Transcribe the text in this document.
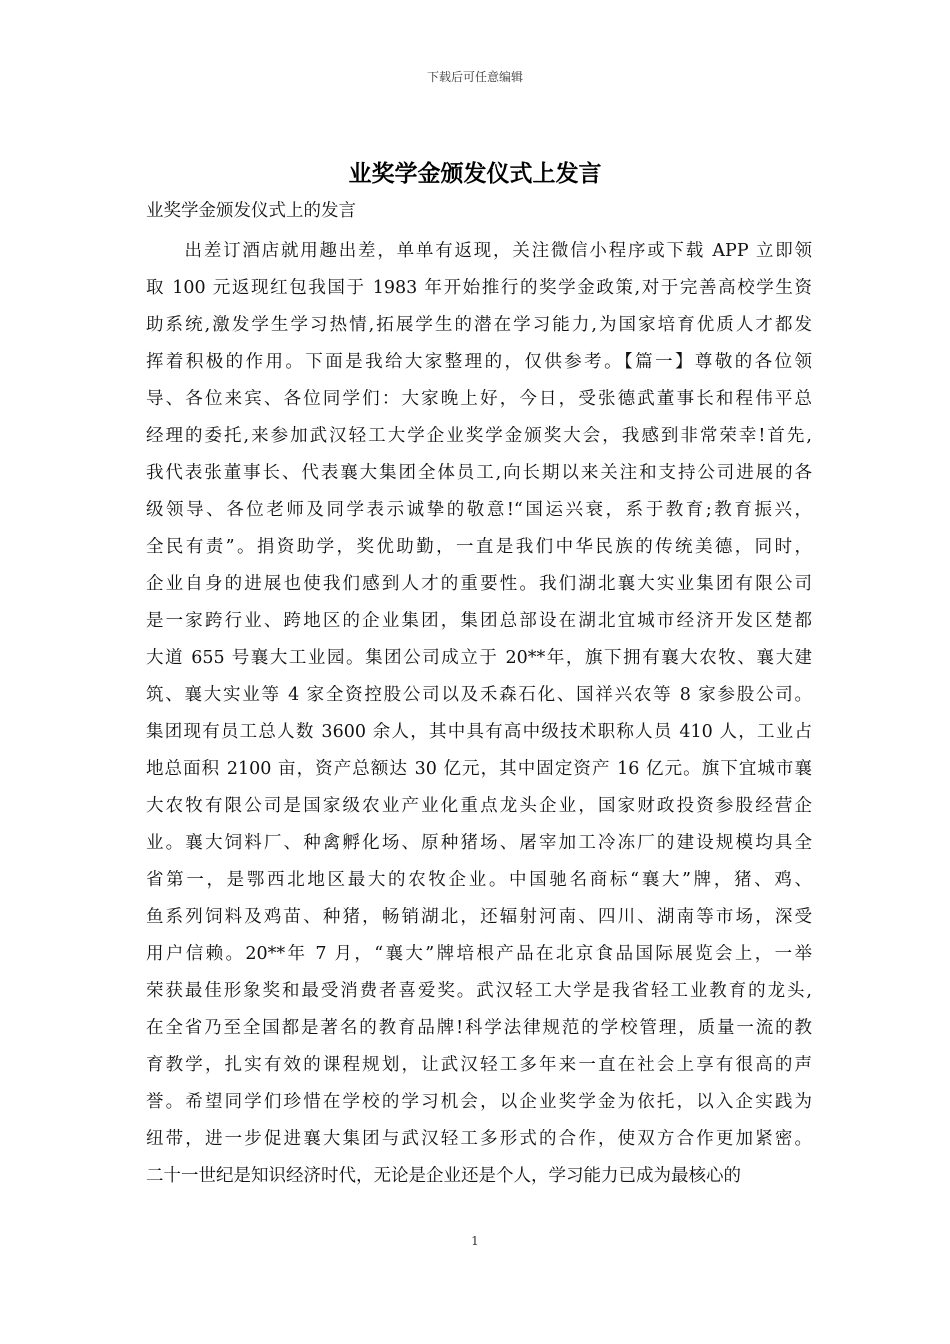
下载后可任意编辑
业奖学金颁发仪式上发言
业奖学金颁发仪式上的发言
　　出差订酒店就用趣出差，单单有返现，关注微信小程序或下载 APP 立即领
取 100 元返现红包我国于 1983 年开始推行的奖学金政策,对于完善高校学生资
助系统,激发学生学习热情,拓展学生的潜在学习能力,为国家培育优质人才都发
挥着积极的作用。下面是我给大家整理的，仅供参考。【篇一】尊敬的各位领
导、各位来宾、各位同学们：大家晚上好，今日，受张德武董事长和程伟平总
经理的委托,来参加武汉轻工大学企业奖学金颁奖大会，我感到非常荣幸!首先,
我代表张董事长、代表襄大集团全体员工,向长期以来关注和支持公司进展的各
级领导、各位老师及同学表示诚挚的敬意!“国运兴衰，系于教育;教育振兴，
全民有责”。捐资助学，奖优助勤，一直是我们中华民族的传统美德，同时，
企业自身的进展也使我们感到人才的重要性。我们湖北襄大实业集团有限公司
是一家跨行业、跨地区的企业集团，集团总部设在湖北宜城市经济开发区楚都
大道 655 号襄大工业园。集团公司成立于 20**年，旗下拥有襄大农牧、襄大建
筑、襄大实业等 4 家全资控股公司以及禾森石化、国祥兴农等 8 家参股公司。
集团现有员工总人数 3600 余人，其中具有高中级技术职称人员 410 人，工业占
地总面积 2100 亩，资产总额达 30 亿元，其中固定资产 16 亿元。旗下宜城市襄
大农牧有限公司是国家级农业产业化重点龙头企业，国家财政投资参股经营企
业。襄大饲料厂、种禽孵化场、原种猪场、屠宰加工冷冻厂的建设规模均具全
省第一，是鄂西北地区最大的农牧企业。中国驰名商标“襄大”牌，猪、鸡、
鱼系列饲料及鸡苗、种猪，畅销湖北，还辐射河南、四川、湖南等市场，深受
用户信赖。20**年 7 月，“襄大”牌培根产品在北京食品国际展览会上，一举
荣获最佳形象奖和最受消费者喜爱奖。武汉轻工大学是我省轻工业教育的龙头,
在全省乃至全国都是著名的教育品牌!科学法律规范的学校管理，质量一流的教
育教学，扎实有效的课程规划，让武汉轻工多年来一直在社会上享有很高的声
誉。希望同学们珍惜在学校的学习机会，以企业奖学金为依托，以入企实践为
纽带，进一步促进襄大集团与武汉轻工多形式的合作，使双方合作更加紧密。
二十一世纪是知识经济时代，无论是企业还是个人，学习能力已成为最核心的
1
